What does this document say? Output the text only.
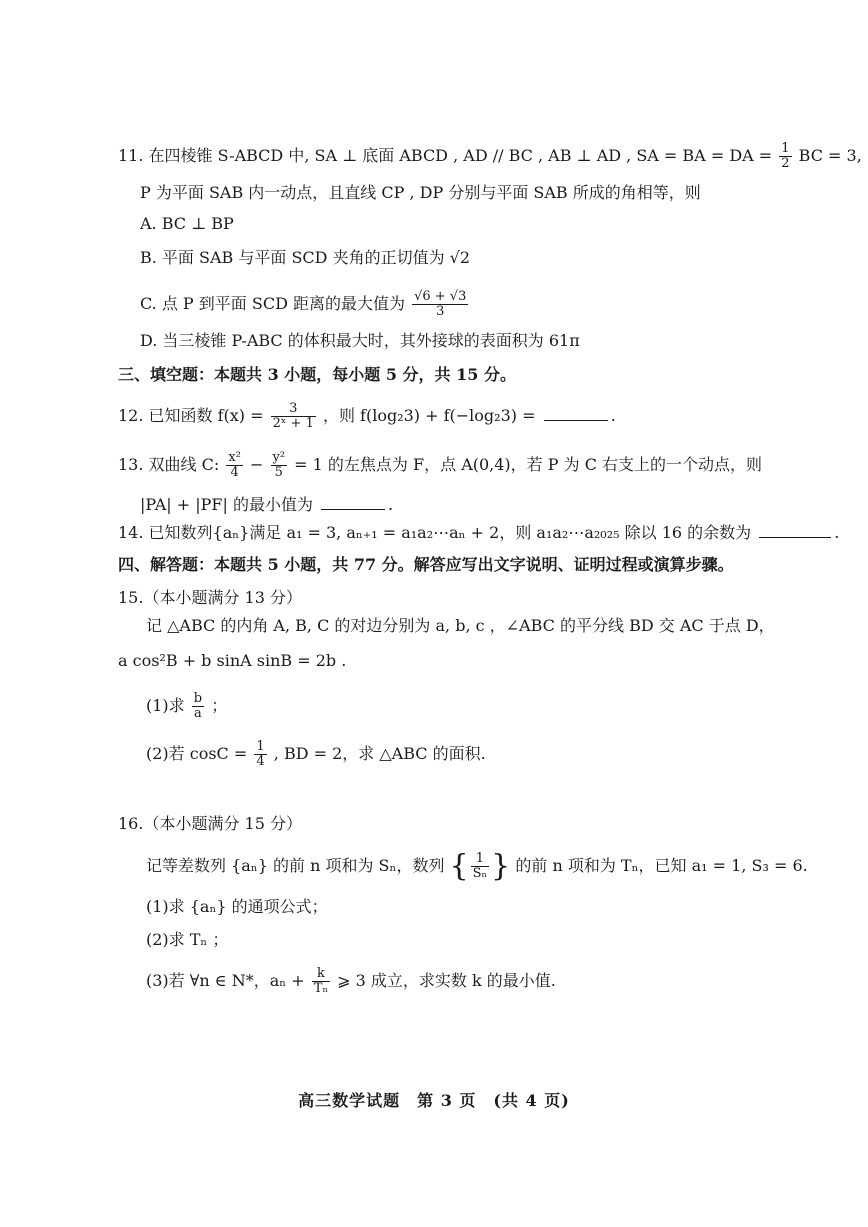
11. 在四棱锥 S-ABCD 中, SA ⊥ 底面 ABCD , AD // BC , AB ⊥ AD , SA = BA = DA = $\frac{1}{2}$ BC = 3,
P 为平面 SAB 内一动点，且直线 CP , DP 分别与平面 SAB 所成的角相等，则
A. BC ⊥ BP
B. 平面 SAB 与平面 SCD 夹角的正切值为 √2
C. 点 P 到平面 SCD 距离的最大值为 $\frac{√6 + √3}{3}$
D. 当三棱锥 P-ABC 的体积最大时，其外接球的表面积为 61π
三、填空题：本题共 3 小题，每小题 5 分，共 15 分。
12. 已知函数 $f(x) = \frac{3}{\text{2ˣ + 1}}$ ，则 f(log₂3) + f(−log₂3) =	.
13. 双曲线 C: $\frac{\text{x²}}{4} - \frac{\text{y²}}{5} = 1$ 的左焦点为 F，点 A(0,4)，若 P 为 C 右支上的一个动点，则
|PA| + |PF| 的最小值为	.
14. 已知数列{aₙ}满足 a₁ = 3, aₙ₊₁ = a₁a₂⋯aₙ + 2，则 a₁a₂⋯a₂₀₂₅ 除以 16 的余数为	.
四、解答题：本题共 5 小题，共 77 分。解答应写出文字说明、证明过程或演算步骤。
15.（本小题满分 13 分）
记 △ABC 的内角 A, B, C 的对边分别为 a, b, c ，∠ABC 的平分线 BD 交 AC 于点 D，
a cos²B + b sinA sinB = 2b .
(1)求 $\frac{b}{a}$ ；
(2)若 $\cos C = \frac{1}{4}$ , BD = 2，求 △ABC 的面积.
16.（本小题满分 15 分）
记等差数列 {aₙ} 的前 n 项和为 Sₙ，数列 { $\frac{1}{\text{Sₙ}}$ } 的前 n 项和为 Tₙ，已知 a₁ = 1, S₃ = 6.
(1)求 {aₙ} 的通项公式；
(2)求 Tₙ ；
(3)若 ∀n ∈ N*，$a_n + \frac{k}{\text{Tₙ}}$ ⩾ 3 成立，求实数 k 的最小值.
高三数学试题　第 3 页　(共 4 页)
